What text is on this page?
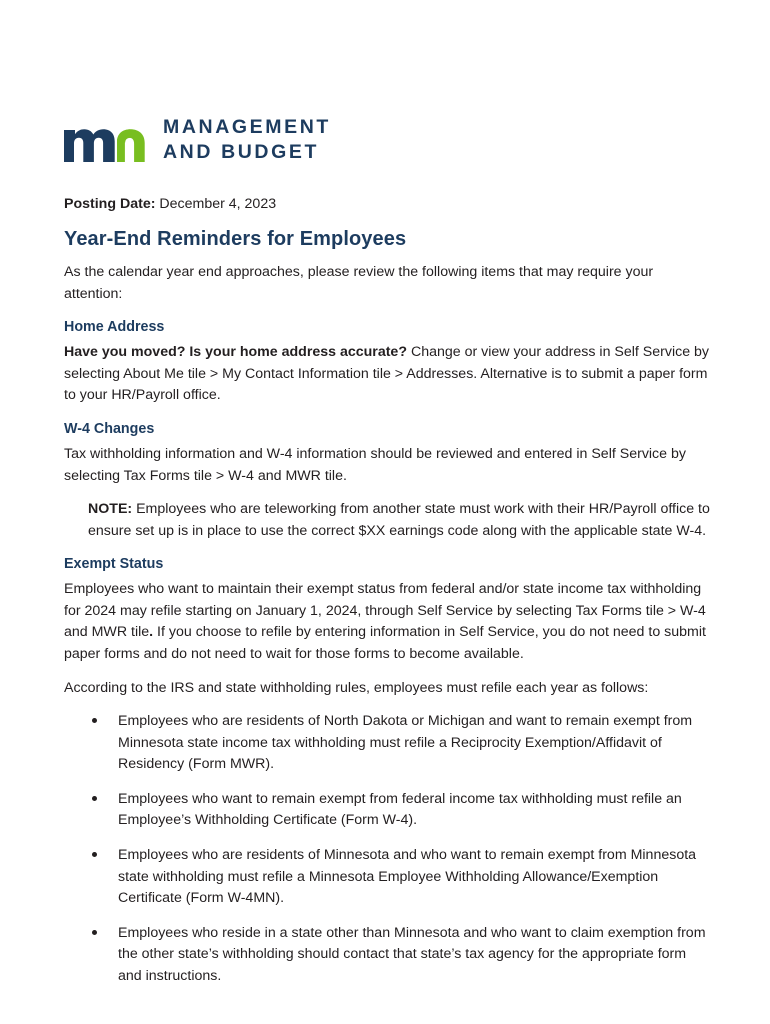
MANAGEMENT
AND BUDGET
Posting Date: December 4, 2023
Year-End Reminders for Employees

As the calendar year end approaches, please review the following items that may require your attention:

Home Address

Have you moved? Is your home address accurate? Change or view your address in Self Service by selecting About Me tile > My Contact Information tile > Addresses. Alternative is to submit a paper form to your HR/Payroll office.

W-4 Changes

Tax withholding information and W-4 information should be reviewed and entered in Self Service by selecting Tax Forms tile > W-4 and MWR tile.

NOTE: Employees who are teleworking from another state must work with their HR/Payroll office to ensure set up is in place to use the correct $XX earnings code along with the applicable state W-4.
Exempt Status

Employees who want to maintain their exempt status from federal and/or state income tax withholding for 2024 may refile starting on January 1, 2024, through Self Service by selecting Tax Forms tile > W-4 and MWR tile. If you choose to refile by entering information in Self Service, you do not need to submit paper forms and do not need to wait for those forms to become available.

According to the IRS and state withholding rules, employees must refile each year as follows:

Employees who are residents of North Dakota or Michigan and want to remain exempt from Minnesota state income tax withholding must refile a Reciprocity Exemption/Affidavit of Residency (Form MWR).
Employees who want to remain exempt from federal income tax withholding must refile an Employee’s Withholding Certificate (Form W-4).
Employees who are residents of Minnesota and who want to remain exempt from Minnesota state withholding must refile a Minnesota Employee Withholding Allowance/Exemption Certificate (Form W-4MN).
Employees who reside in a state other than Minnesota and who want to claim exemption from the other state’s withholding should contact that state’s tax agency for the appropriate form and instructions.
